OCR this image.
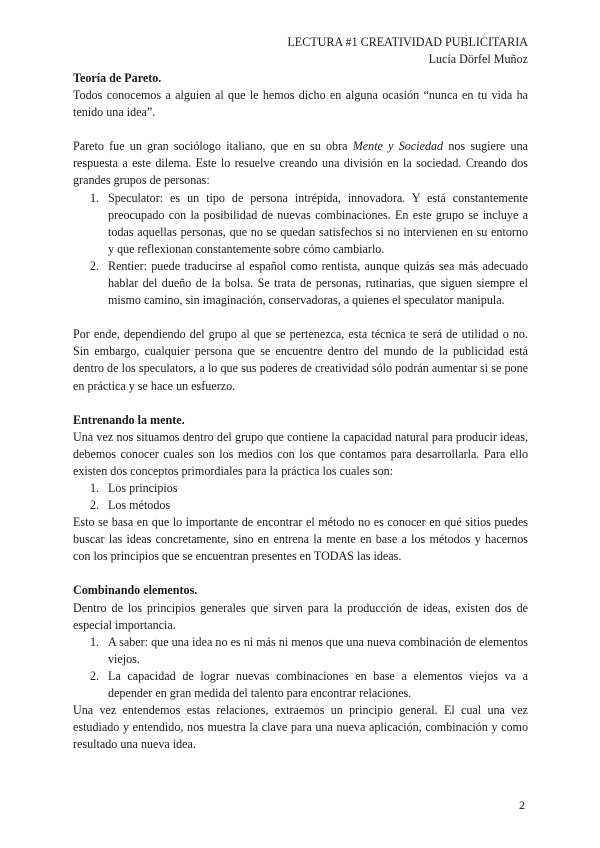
LECTURA #1 CREATIVIDAD PUBLICITARIA
Lucía Dörfel Muñoz

Teoría de Pareto.

Todos conocemos a alguien al que le hemos dicho en alguna ocasión “nunca en tu vida ha tenido una idea”.

Pareto fue un gran sociólogo italiano, que en su obra Mente y Sociedad nos sugiere una respuesta a este dilema. Este lo resuelve creando una división en la sociedad. Creando dos grandes grupos de personas:

1. Speculator: es un tipo de persona intrépida, innovadora. Y está constantemente preocupado con la posibilidad de nuevas combinaciones. En este grupo se incluye a todas aquellas personas, que no se quedan satisfechos si no intervienen en su entorno y que reflexionan constantemente sobre cómo cambiarlo.
2. Rentier: puede traducirse al español como rentista, aunque quizás sea más adecuado hablar del dueño de la bolsa. Se trata de personas, rutinarias, que siguen siempre el mismo camino, sin imaginación, conservadoras, a quienes el speculator manipula.

Por ende, dependiendo del grupo al que se pertenezca, esta técnica te será de utilidad o no. Sin embargo, cualquier persona que se encuentre dentro del mundo de la publicidad está dentro de los speculators, a lo que sus poderes de creatividad sólo podrán aumentar si se pone en práctica y se hace un esfuerzo.

Entrenando la mente.

Una vez nos situamos dentro del grupo que contiene la capacidad natural para producir ideas, debemos conocer cuales son los medios con los que contamos para desarrollarla. Para ello existen dos conceptos primordiales para la práctica los cuales son:

1. Los principios
2. Los métodos

Esto se basa en que lo importante de encontrar el método no es conocer en qué sitios puedes buscar las ideas concretamente, sino en entrena la mente en base a los métodos y hacernos con los principios que se encuentran presentes en TODAS las ideas.

Combinando elementos.

Dentro de los principios generales que sirven para la producción de ideas, existen dos de especial importancia.

1. A saber: que una idea no es ni más ni menos que una nueva combinación de elementos viejos.
2. La capacidad de lograr nuevas combinaciones en base a elementos viejos va a depender en gran medida del talento para encontrar relaciones.

Una vez entendemos estas relaciones, extraemos un principio general. El cual una vez estudiado y entendido, nos muestra la clave para una nueva aplicación, combinación y como resultado una nueva idea.

2
